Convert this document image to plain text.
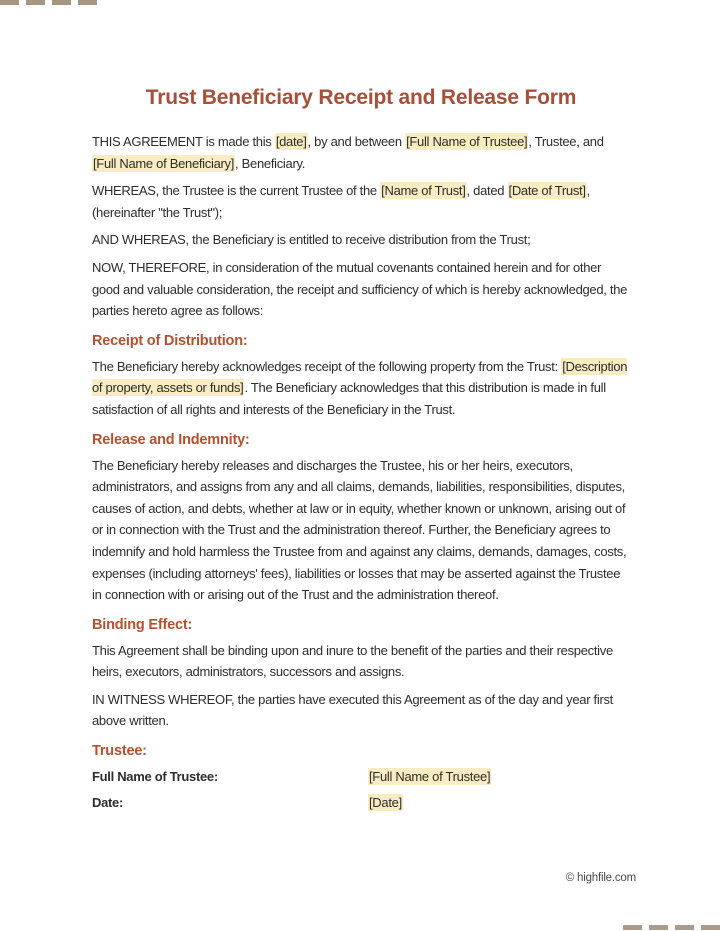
Trust Beneficiary Receipt and Release Form

THIS AGREEMENT is made this [date], by and between [Full Name of Trustee], Trustee, and [Full Name of Beneficiary], Beneficiary.

WHEREAS, the Trustee is the current Trustee of the [Name of Trust], dated [Date of Trust], (hereinafter "the Trust");

AND WHEREAS, the Beneficiary is entitled to receive distribution from the Trust;

NOW, THEREFORE, in consideration of the mutual covenants contained herein and for other good and valuable consideration, the receipt and sufficiency of which is hereby acknowledged, the parties hereto agree as follows:

Receipt of Distribution:

The Beneficiary hereby acknowledges receipt of the following property from the Trust: [Description of property, assets or funds]. The Beneficiary acknowledges that this distribution is made in full satisfaction of all rights and interests of the Beneficiary in the Trust.

Release and Indemnity:

The Beneficiary hereby releases and discharges the Trustee, his or her heirs, executors, administrators, and assigns from any and all claims, demands, liabilities, responsibilities, disputes, causes of action, and debts, whether at law or in equity, whether known or unknown, arising out of or in connection with the Trust and the administration thereof. Further, the Beneficiary agrees to indemnify and hold harmless the Trustee from and against any claims, demands, damages, costs, expenses (including attorneys' fees), liabilities or losses that may be asserted against the Trustee in connection with or arising out of the Trust and the administration thereof.

Binding Effect:

This Agreement shall be binding upon and inure to the benefit of the parties and their respective heirs, executors, administrators, successors and assigns.

IN WITNESS WHEREOF, the parties have executed this Agreement as of the day and year first above written.

Trustee:
Full Name of Trustee:	[Full Name of Trustee]
Date:	[Date]
© highfile.com
